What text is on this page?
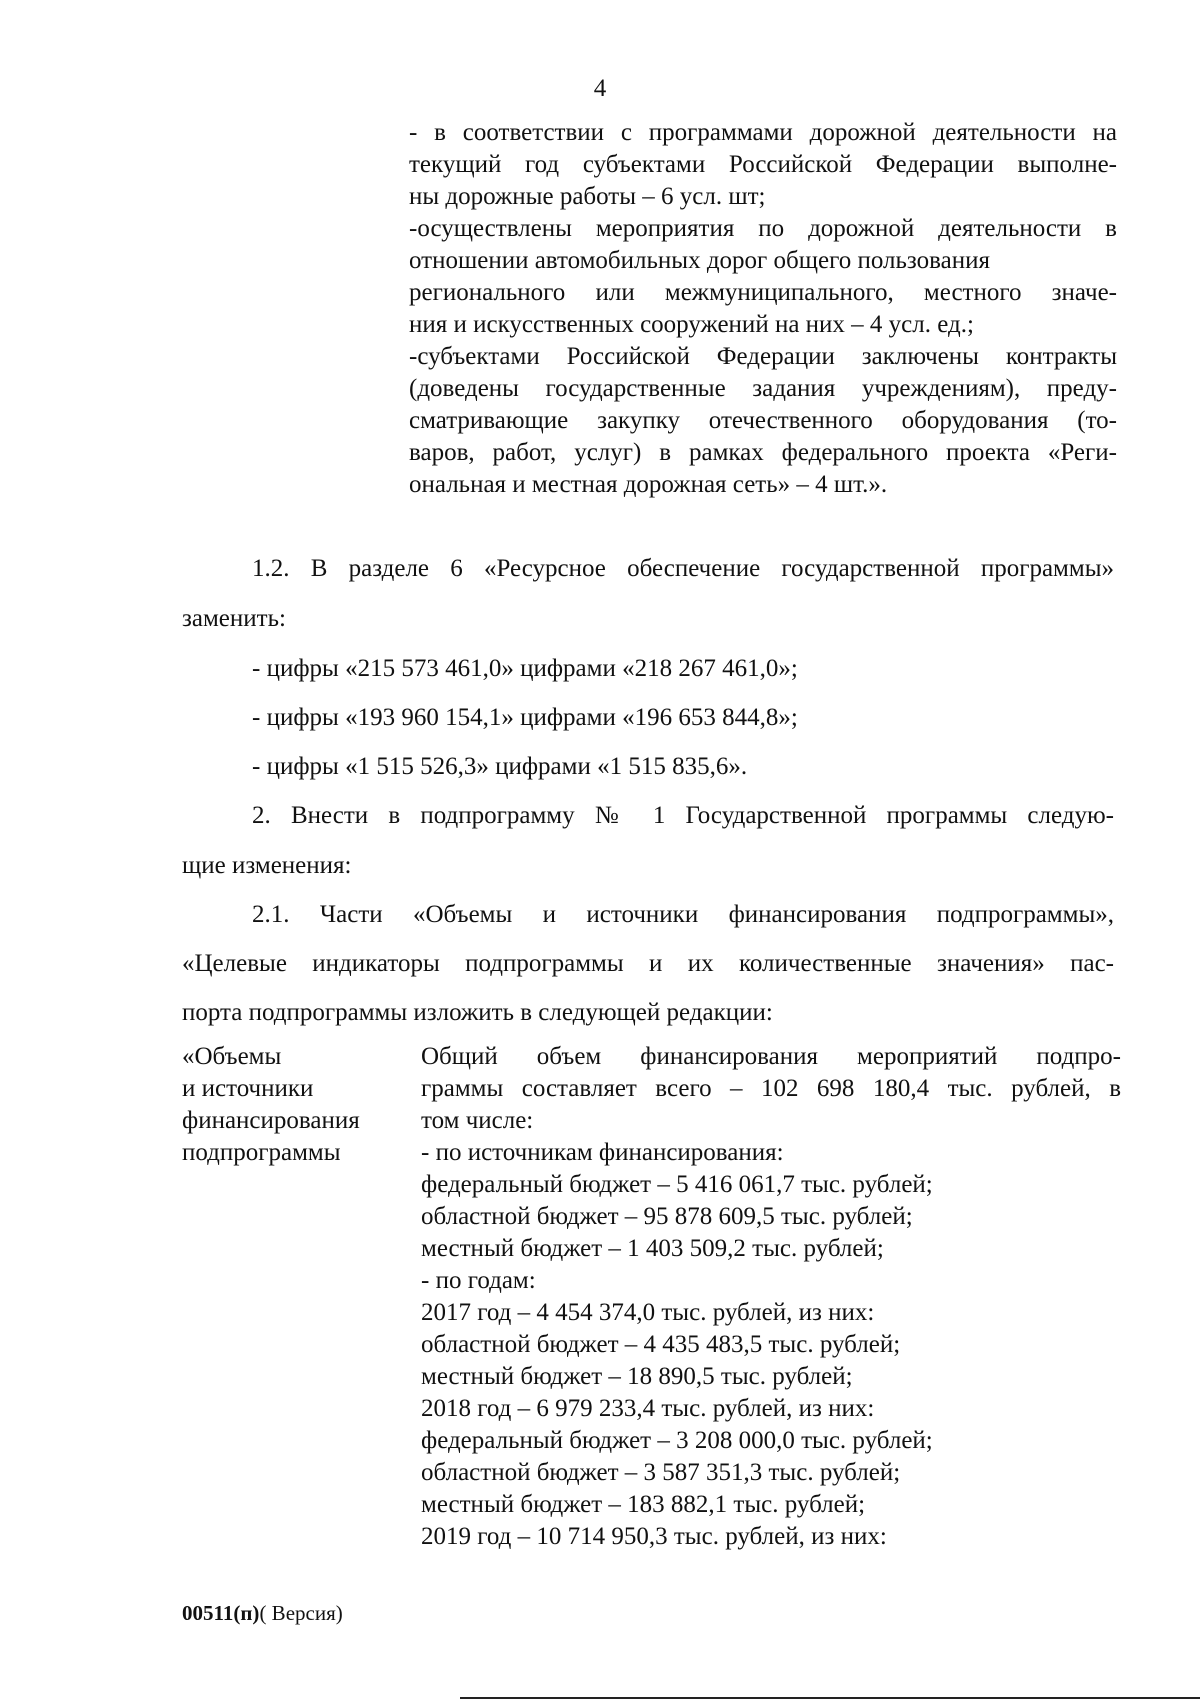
4
- в соответствии с программами дорожной деятельности на
текущий год субъектами Российской Федерации выполне-
ны дорожные работы – 6 усл. шт;
-осуществлены мероприятия по дорожной деятельности в
отношении автомобильных дорог общего пользования
регионального или межмуниципального, местного значе-
ния и искусственных сооружений на них – 4 усл. ед.;
-субъектами Российской Федерации заключены контракты
(доведены государственные задания учреждениям), преду-
сматривающие закупку отечественного оборудования (то-
варов, работ, услуг) в рамках федерального проекта «Реги-
ональная и местная дорожная сеть» – 4 шт.».
1.2. В разделе 6 «Ресурсное обеспечение государственной программы»
заменить:
- цифры «215 573 461,0» цифрами «218 267 461,0»;
- цифры «193 960 154,1» цифрами «196 653 844,8»;
- цифры «1 515 526,3» цифрами «1 515 835,6».
2. Внести в подпрограмму № 1 Государственной программы следую-
щие изменения:
2.1. Части «Объемы и источники финансирования подпрограммы»,
«Целевые индикаторы подпрограммы и их количественные значения» пас-
порта подпрограммы изложить в следующей редакции:
«Объемы
и источники
финансирования
подпрограммы
Общий объем финансирования мероприятий подпро-
граммы составляет всего – 102 698 180,4 тыс. рублей, в
том числе:
- по источникам финансирования:
федеральный бюджет – 5 416 061,7 тыс. рублей;
областной бюджет – 95 878 609,5 тыс. рублей;
местный бюджет – 1 403 509,2 тыс. рублей;
- по годам:
2017 год – 4 454 374,0 тыс. рублей, из них:
областной бюджет – 4 435 483,5 тыс. рублей;
местный бюджет – 18 890,5 тыс. рублей;
2018 год – 6 979 233,4 тыс. рублей, из них:
федеральный бюджет – 3 208 000,0 тыс. рублей;
областной бюджет – 3 587 351,3 тыс. рублей;
местный бюджет – 183 882,1 тыс. рублей;
2019 год – 10 714 950,3 тыс. рублей, из них:
00511(п)( Версия)
